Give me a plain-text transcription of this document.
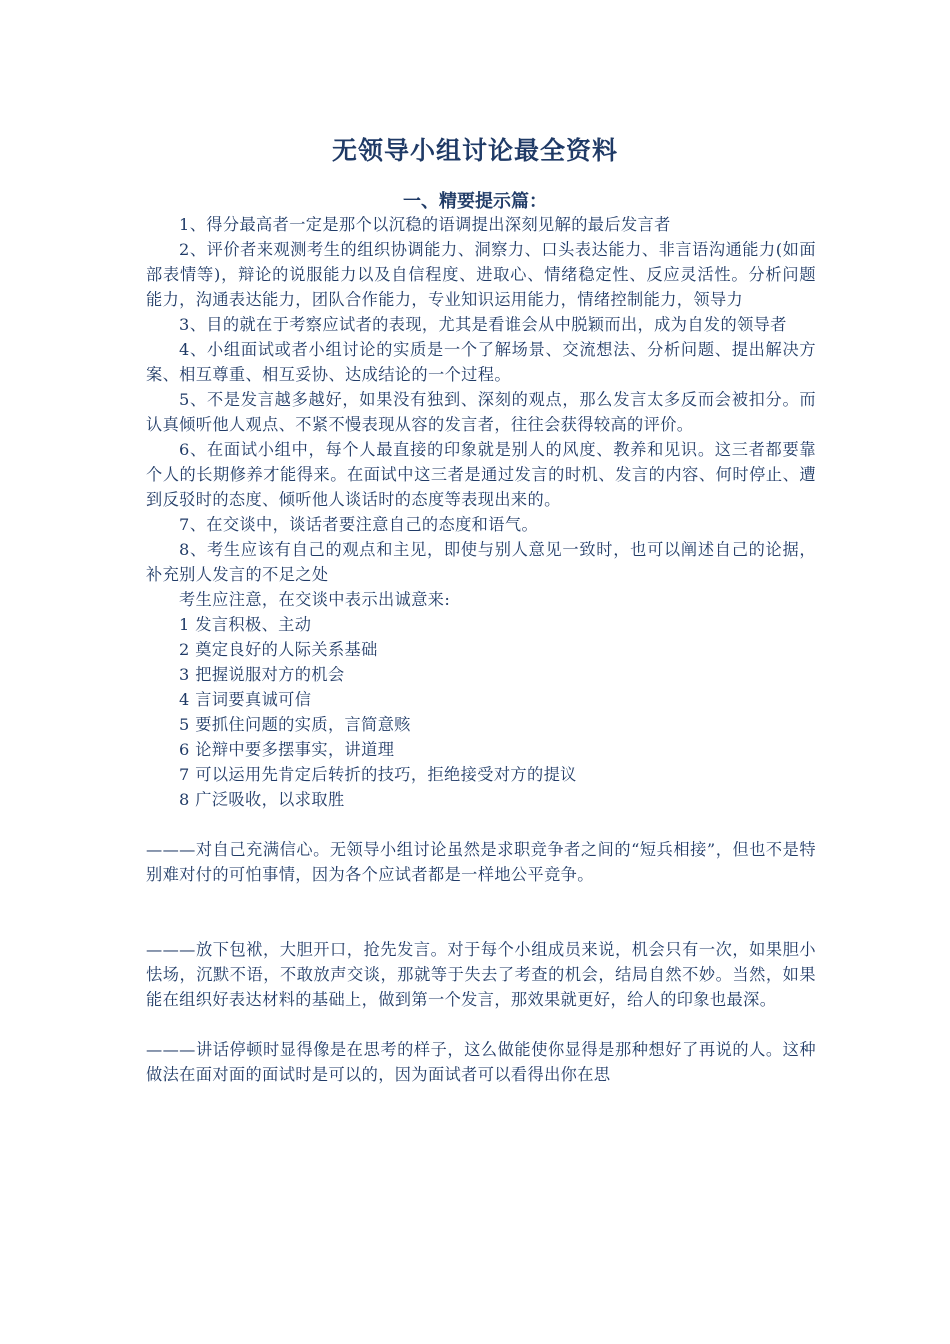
无领导小组讨论最全资料
一、精要提示篇：

1、得分最高者一定是那个以沉稳的语调提出深刻见解的最后发言者

2、评价者来观测考生的组织协调能力、洞察力、口头表达能力、非言语沟通能力(如面部表情等)，辩论的说服能力以及自信程度、进取心、情绪稳定性、反应灵活性。分析问题能力，沟通表达能力，团队合作能力，专业知识运用能力，情绪控制能力，领导力

3、目的就在于考察应试者的表现，尤其是看谁会从中脱颖而出，成为自发的领导者

4、小组面试或者小组讨论的实质是一个了解场景、交流想法、分析问题、提出解决方案、相互尊重、相互妥协、达成结论的一个过程。

5、不是发言越多越好，如果没有独到、深刻的观点，那么发言太多反而会被扣分。而认真倾听他人观点、不紧不慢表现从容的发言者，往往会获得较高的评价。

6、在面试小组中，每个人最直接的印象就是别人的风度、教养和见识。这三者都要靠个人的长期修养才能得来。在面试中这三者是通过发言的时机、发言的内容、何时停止、遭到反驳时的态度、倾听他人谈话时的态度等表现出来的。

7、在交谈中，谈话者要注意自己的态度和语气。

8、考生应该有自己的观点和主见，即使与别人意见一致时，也可以阐述自己的论据，补充别人发言的不足之处

考生应注意，在交谈中表示出诚意来:

1 发言积极、主动

2 奠定良好的人际关系基础

3 把握说服对方的机会

4 言词要真诚可信

5 要抓住问题的实质，言简意赅

6 论辩中要多摆事实，讲道理

7 可以运用先肯定后转折的技巧，拒绝接受对方的提议

8 广泛吸收，以求取胜

———对自己充满信心。无领导小组讨论虽然是求职竞争者之间的“短兵相接”，但也不是特别难对付的可怕事情，因为各个应试者都是一样地公平竞争。

———放下包袱，大胆开口，抢先发言。对于每个小组成员来说，机会只有一次，如果胆小怯场，沉默不语，不敢放声交谈，那就等于失去了考查的机会，结局自然不妙。当然，如果能在组织好表达材料的基础上，做到第一个发言，那效果就更好，给人的印象也最深。

———讲话停顿时显得像是在思考的样子，这么做能使你显得是那种想好了再说的人。这种做法在面对面的面试时是可以的，因为面试者可以看得出你在思
